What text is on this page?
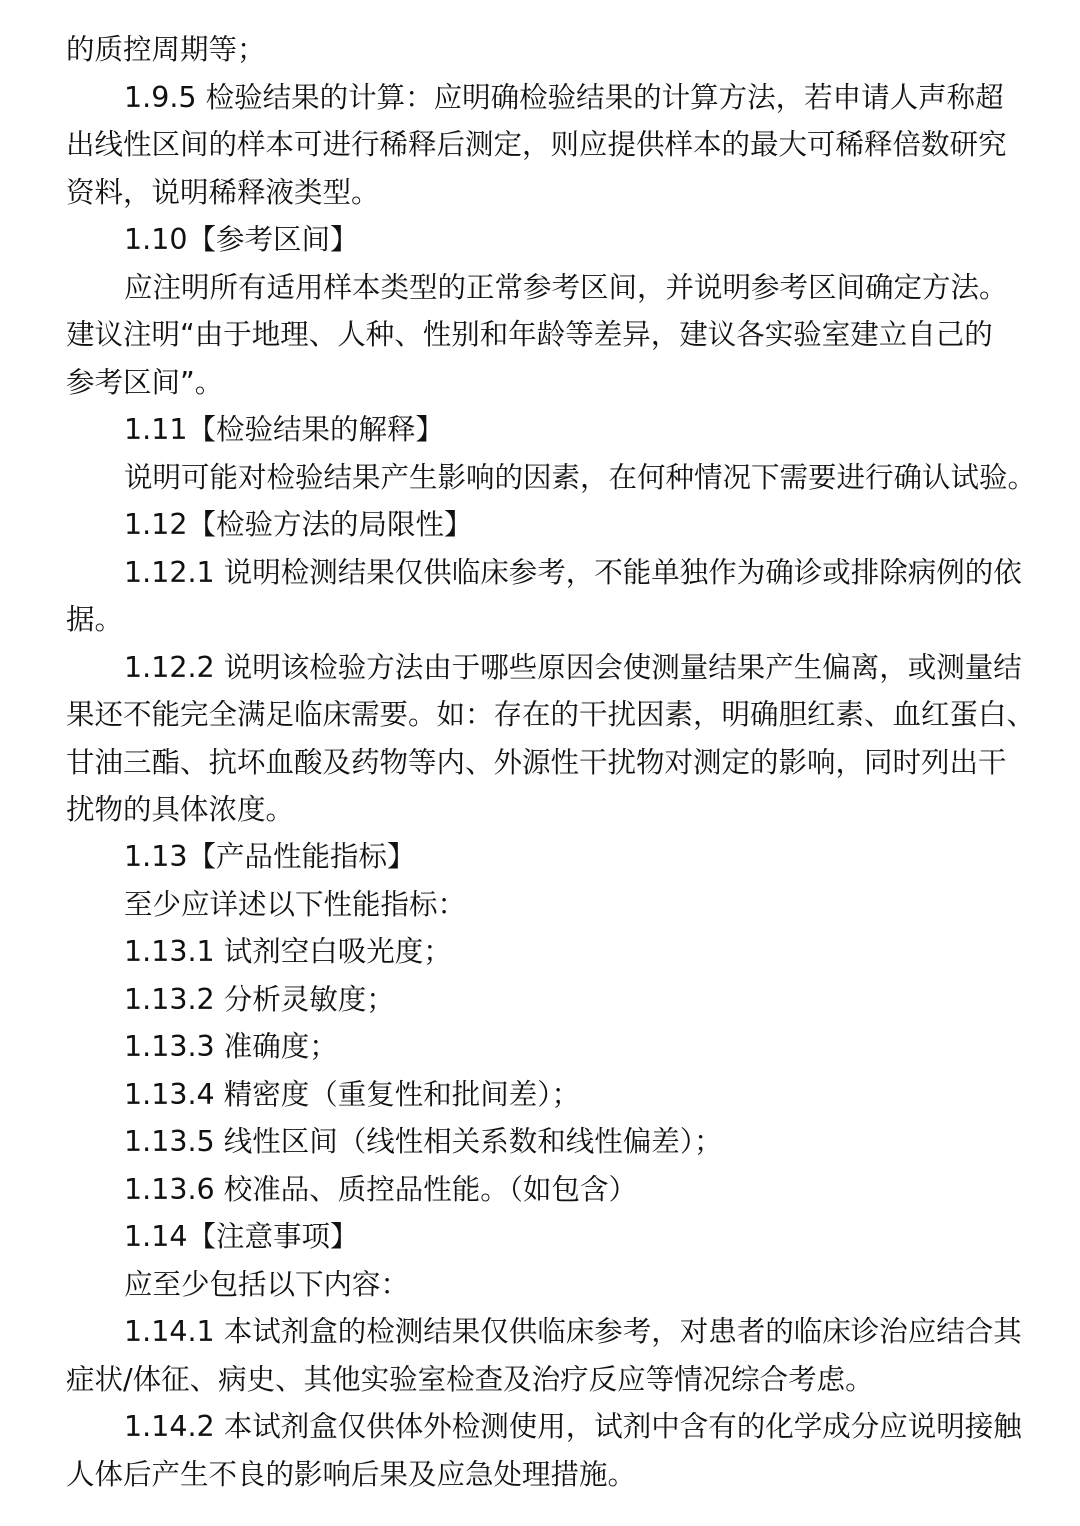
的质控周期等；
1.9.5 检验结果的计算：应明确检验结果的计算方法，若申请人声称超
出线性区间的样本可进行稀释后测定，则应提供样本的最大可稀释倍数研究
资料，说明稀释液类型。
1.10【参考区间】
应注明所有适用样本类型的正常参考区间，并说明参考区间确定方法。
建议注明“由于地理、人种、性别和年龄等差异，建议各实验室建立自己的
参考区间”。
1.11【检验结果的解释】
说明可能对检验结果产生影响的因素，在何种情况下需要进行确认试验。
1.12【检验方法的局限性】
1.12.1 说明检测结果仅供临床参考，不能单独作为确诊或排除病例的依
据。
1.12.2 说明该检验方法由于哪些原因会使测量结果产生偏离，或测量结
果还不能完全满足临床需要。如：存在的干扰因素，明确胆红素、血红蛋白、
甘油三酯、抗坏血酸及药物等内、外源性干扰物对测定的影响，同时列出干
扰物的具体浓度。
1.13【产品性能指标】
至少应详述以下性能指标：
1.13.1 试剂空白吸光度；
1.13.2 分析灵敏度；
1.13.3 准确度；
1.13.4 精密度（重复性和批间差）；
1.13.5 线性区间（线性相关系数和线性偏差）；
1.13.6 校准品、质控品性能。（如包含）
1.14【注意事项】
应至少包括以下内容：
1.14.1 本试剂盒的检测结果仅供临床参考，对患者的临床诊治应结合其
症状/体征、病史、其他实验室检查及治疗反应等情况综合考虑。
1.14.2 本试剂盒仅供体外检测使用，试剂中含有的化学成分应说明接触
人体后产生不良的影响后果及应急处理措施。
